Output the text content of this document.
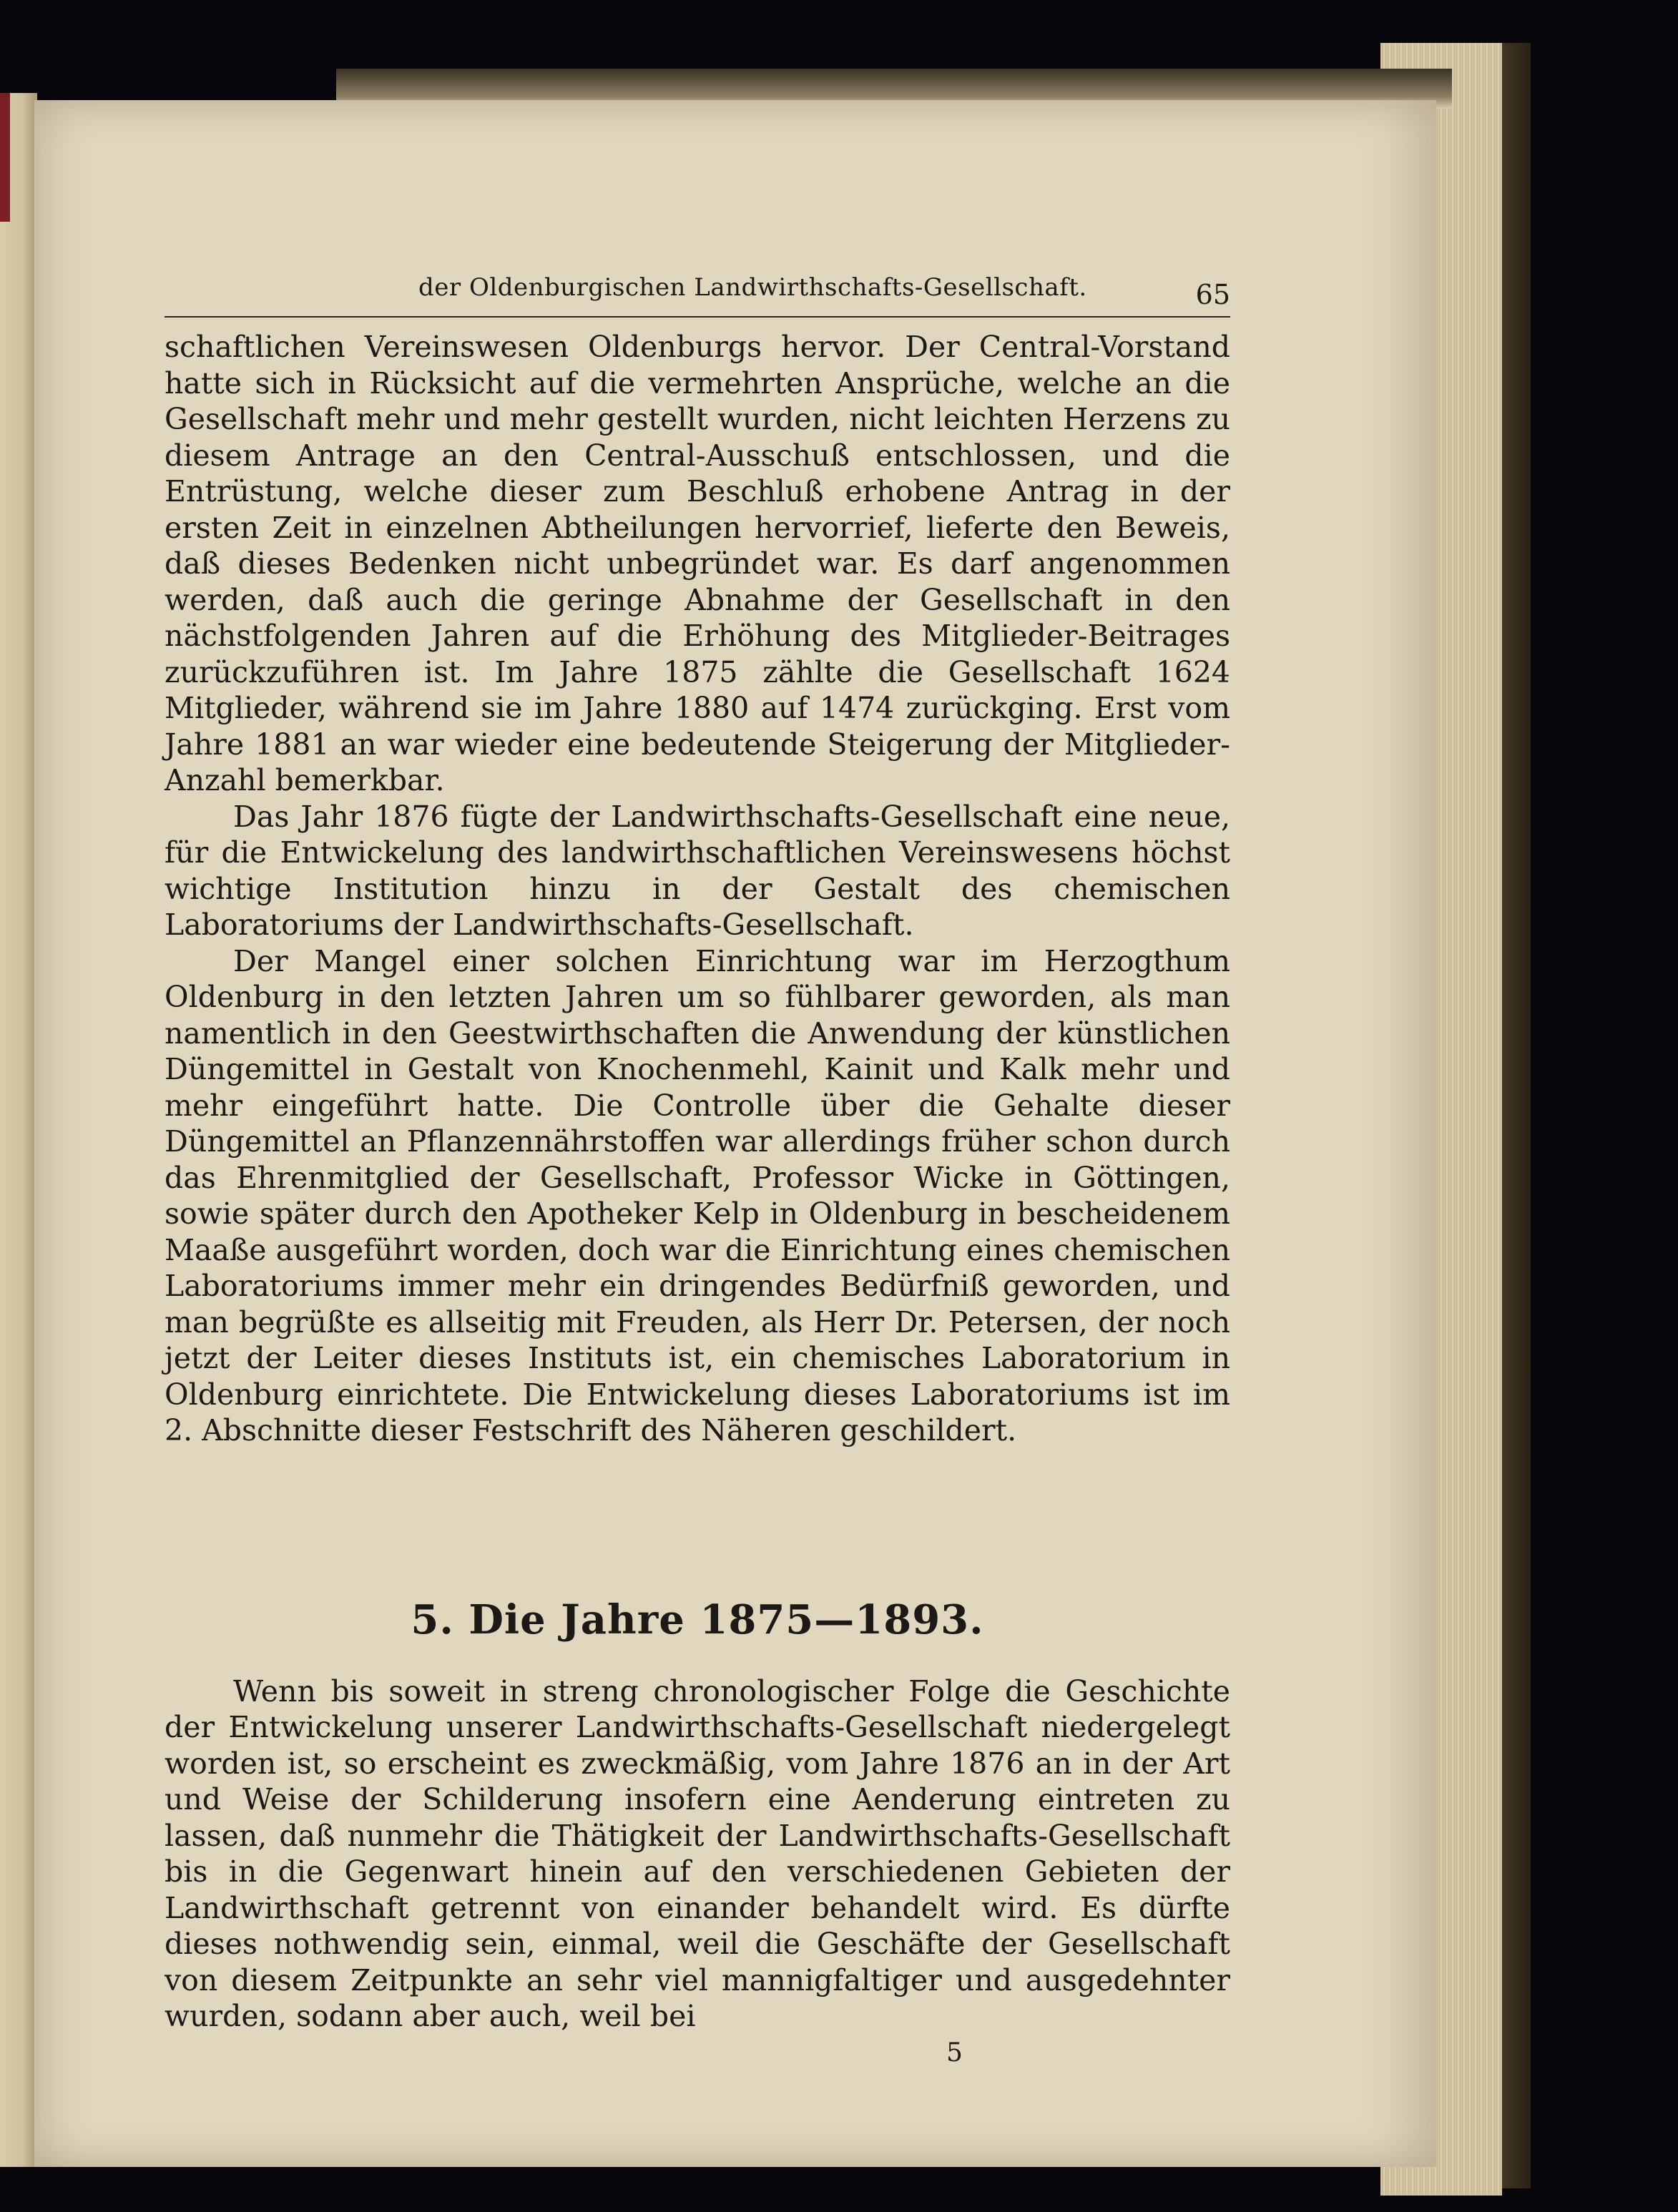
der Oldenburgischen Landwirthschafts-Gesellschaft.	65

schaftlichen Vereinswesen Oldenburgs hervor. Der Central-Vorstand hatte sich in Rücksicht auf die vermehrten Ansprüche, welche an die Gesellschaft mehr und mehr gestellt wurden, nicht leichten Herzens zu diesem Antrage an den Central-Ausschuß entschlossen, und die Entrüstung, welche dieser zum Beschluß erhobene Antrag in der ersten Zeit in einzelnen Abtheilungen hervorrief, lieferte den Beweis, daß dieses Bedenken nicht unbegründet war. Es darf angenommen werden, daß auch die geringe Abnahme der Gesellschaft in den nächstfolgenden Jahren auf die Erhöhung des Mitglieder-Beitrages zurückzuführen ist. Im Jahre 1875 zählte die Gesellschaft 1624 Mitglieder, während sie im Jahre 1880 auf 1474 zurückging. Erst vom Jahre 1881 an war wieder eine bedeutende Steigerung der Mitglieder-Anzahl bemerkbar.

Das Jahr 1876 fügte der Landwirthschafts-Gesellschaft eine neue, für die Entwickelung des landwirthschaftlichen Vereinswesens höchst wichtige Institution hinzu in der Gestalt des chemischen Laboratoriums der Landwirthschafts-Gesellschaft.

Der Mangel einer solchen Einrichtung war im Herzogthum Oldenburg in den letzten Jahren um so fühlbarer geworden, als man namentlich in den Geestwirthschaften die Anwendung der künstlichen Düngemittel in Gestalt von Knochenmehl, Kainit und Kalk mehr und mehr eingeführt hatte. Die Controlle über die Gehalte dieser Düngemittel an Pflanzennährstoffen war allerdings früher schon durch das Ehrenmitglied der Gesellschaft, Professor Wicke in Göttingen, sowie später durch den Apotheker Kelp in Oldenburg in bescheidenem Maaße ausgeführt worden, doch war die Einrichtung eines chemischen Laboratoriums immer mehr ein dringendes Bedürfniß geworden, und man begrüßte es allseitig mit Freuden, als Herr Dr. Petersen, der noch jetzt der Leiter dieses Instituts ist, ein chemisches Laboratorium in Oldenburg einrichtete. Die Entwickelung dieses Laboratoriums ist im 2. Abschnitte dieser Festschrift des Näheren geschildert.

5. Die Jahre 1875—1893.

Wenn bis soweit in streng chronologischer Folge die Geschichte der Entwickelung unserer Landwirthschafts-Gesellschaft niedergelegt worden ist, so erscheint es zweckmäßig, vom Jahre 1876 an in der Art und Weise der Schilderung insofern eine Aenderung eintreten zu lassen, daß nunmehr die Thätigkeit der Landwirthschafts-Gesellschaft bis in die Gegenwart hinein auf den verschiedenen Gebieten der Landwirthschaft getrennt von einander behandelt wird. Es dürfte dieses nothwendig sein, einmal, weil die Geschäfte der Gesellschaft von diesem Zeitpunkte an sehr viel mannigfaltiger und ausgedehnter wurden, sodann aber auch, weil bei

5
